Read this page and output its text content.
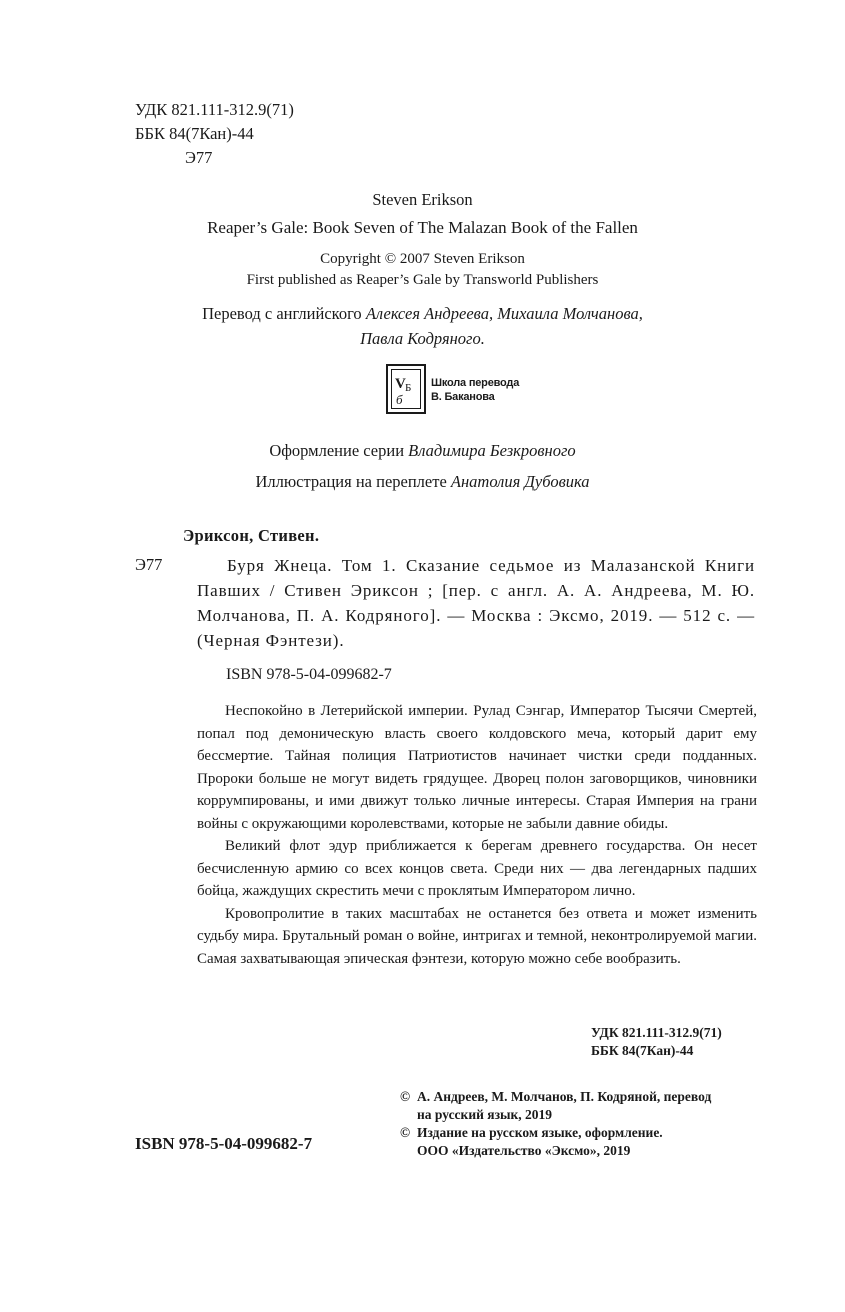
УДК 821.111-312.9(71)
ББК 84(7Кан)-44
Э77
Steven Erikson
Reaper’s Gale: Book Seven of The Malazan Book of the Fallen
Copyright © 2007 Steven Erikson
First published as Reaper’s Gale by Transworld Publishers
Перевод с английского Алексея Андреева, Михаила Молчанова,
Павла Кодряного.
V Б
б
Школа перевода
В. Баканова
Оформление серии Владимира Безкровного
Иллюстрация на переплете Анатолия Дубовика
Эриксон, Стивен.
Э77	Буря Жнеца. Том 1. Сказание седьмое из Малазанской Книги Павших / Стивен Эриксон ; [пер. с англ. А. А. Андреева, М. Ю. Молчанова, П. А. Кодряного]. — Москва : Эксмо, 2019. — 512 с. — (Черная Фэнтези).

ISBN 978-5-04-099682-7

Неспокойно в Летерийской империи. Рулад Сэнгар, Император Тысячи Смертей, попал под демоническую власть своего колдовского меча, который дарит ему бессмертие. Тайная полиция Патриотистов начинает чистки среди подданных. Пророки больше не могут видеть грядущее. Дворец полон заговорщиков, чиновники коррумпированы, и ими движут только личные интересы. Старая Империя на грани войны с окружающими королевствами, которые не забыли давние обиды.

Великий флот эдур приближается к берегам древнего государства. Он несет бесчисленную армию со всех концов света. Среди них — два легендарных падших бойца, жаждущих скрестить мечи с проклятым Императором лично.

Кровопролитие в таких масштабах не останется без ответа и может изменить судьбу мира. Брутальный роман о войне, интригах и темной, неконтролируемой магии. Самая захватывающая эпическая фэнтези, которую можно себе вообразить.

УДК 821.111-312.9(71)
ББК 84(7Кан)-44
© А. Андреев, М. Молчанов, П. Кодряной, перевод
на русский язык, 2019
© Издание на русском языке, оформление.
ООО «Издательство «Эксмо», 2019
ISBN 978-5-04-099682-7
